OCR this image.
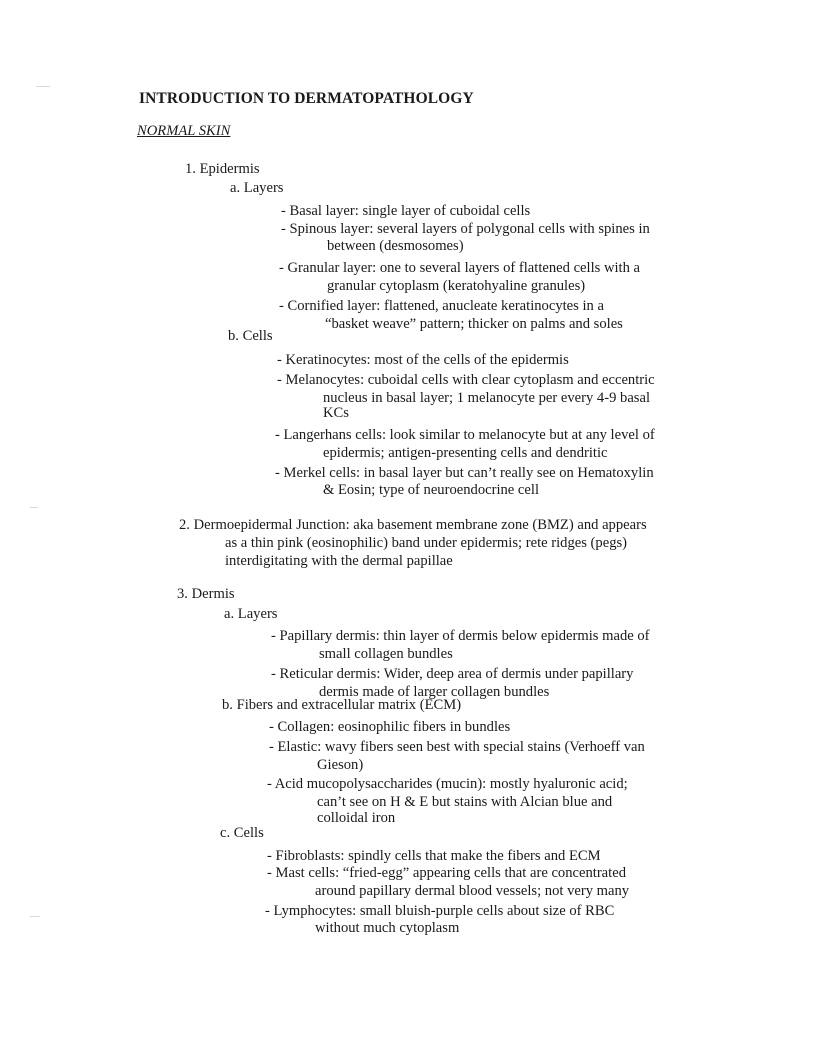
INTRODUCTION TO DERMATOPATHOLOGY
NORMAL SKIN
1. Epidermis
a. Layers
- Basal layer: single layer of cuboidal cells
- Spinous layer: several layers of polygonal cells with spines in
between (desmosomes)
- Granular layer: one to several layers of flattened cells with a
granular cytoplasm (keratohyaline granules)
- Cornified layer: flattened, anucleate keratinocytes in a
“basket weave” pattern; thicker on palms and soles
b. Cells
- Keratinocytes: most of the cells of the epidermis
- Melanocytes: cuboidal cells with clear cytoplasm and eccentric
nucleus in basal layer; 1 melanocyte per every 4-9 basal
KCs
- Langerhans cells: look similar to melanocyte but at any level of
epidermis; antigen-presenting cells and dendritic
- Merkel cells: in basal layer but can’t really see on Hematoxylin
& Eosin; type of neuroendocrine cell
2. Dermoepidermal Junction: aka basement membrane zone (BMZ) and appears
as a thin pink (eosinophilic) band under epidermis; rete ridges (pegs)
interdigitating with the dermal papillae
3. Dermis
a. Layers
- Papillary dermis: thin layer of dermis below epidermis made of
small collagen bundles
- Reticular dermis: Wider, deep area of dermis under papillary
dermis made of larger collagen bundles
b. Fibers and extracellular matrix (ECM)
- Collagen: eosinophilic fibers in bundles
- Elastic: wavy fibers seen best with special stains (Verhoeff van
Gieson)
- Acid mucopolysaccharides (mucin): mostly hyaluronic acid;
can’t see on H & E but stains with Alcian blue and
colloidal iron
c. Cells
- Fibroblasts: spindly cells that make the fibers and ECM
- Mast cells: “fried-egg” appearing cells that are concentrated
around papillary dermal blood vessels; not very many
- Lymphocytes: small bluish-purple cells about size of RBC
without much cytoplasm
